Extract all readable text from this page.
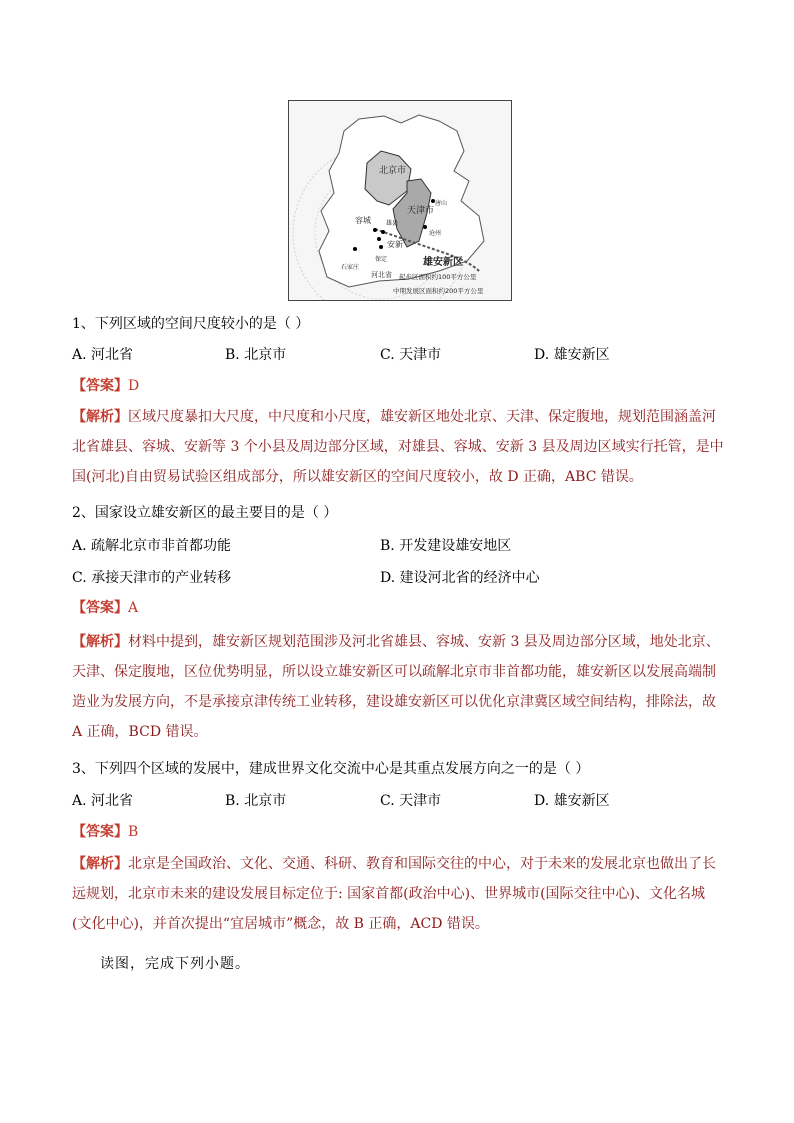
北京市
天津市
容城	雄县
安新
保定
唐山
沧州
石家庄
河北省
雄安新区
起步区面积约100平方公里
中期发展区面积约200平方公里
1、下列区域的空间尺度较小的是（ ）
A. 河北省	B. 北京市	C. 天津市	D. 雄安新区
【答案】D
【解析】区域尺度暴扣大尺度，中尺度和小尺度，雄安新区地处北京、天津、保定腹地，规划范围涵盖河北省雄县、容城、安新等 3 个小县及周边部分区域，对雄县、容城、安新 3 县及周边区域实行托管，是中国(河北)自由贸易试验区组成部分，所以雄安新区的空间尺度较小，故 D 正确，ABC 错误。
2、国家设立雄安新区的最主要目的是（ ）
A. 疏解北京市非首都功能	B. 开发建设雄安地区
C. 承接天津市的产业转移	D. 建设河北省的经济中心
【答案】A
【解析】材料中提到，雄安新区规划范围涉及河北省雄县、容城、安新 3 县及周边部分区域，地处北京、天津、保定腹地，区位优势明显，所以设立雄安新区可以疏解北京市非首都功能，雄安新区以发展高端制造业为发展方向，不是承接京津传统工业转移，建设雄安新区可以优化京津冀区域空间结构，排除法，故 A 正确，BCD 错误。
3、下列四个区域的发展中，建成世界文化交流中心是其重点发展方向之一的是（ ）
A. 河北省	B. 北京市	C. 天津市	D. 雄安新区
【答案】B
【解析】北京是全国政治、文化、交通、科研、教育和国际交往的中心，对于未来的发展北京也做出了长远规划，北京市未来的建设发展目标定位于: 国家首都(政治中心)、世界城市(国际交往中心)、文化名城(文化中心)，并首次提出“宜居城市”概念，故 B 正确，ACD 错误。
读图，完成下列小题。
